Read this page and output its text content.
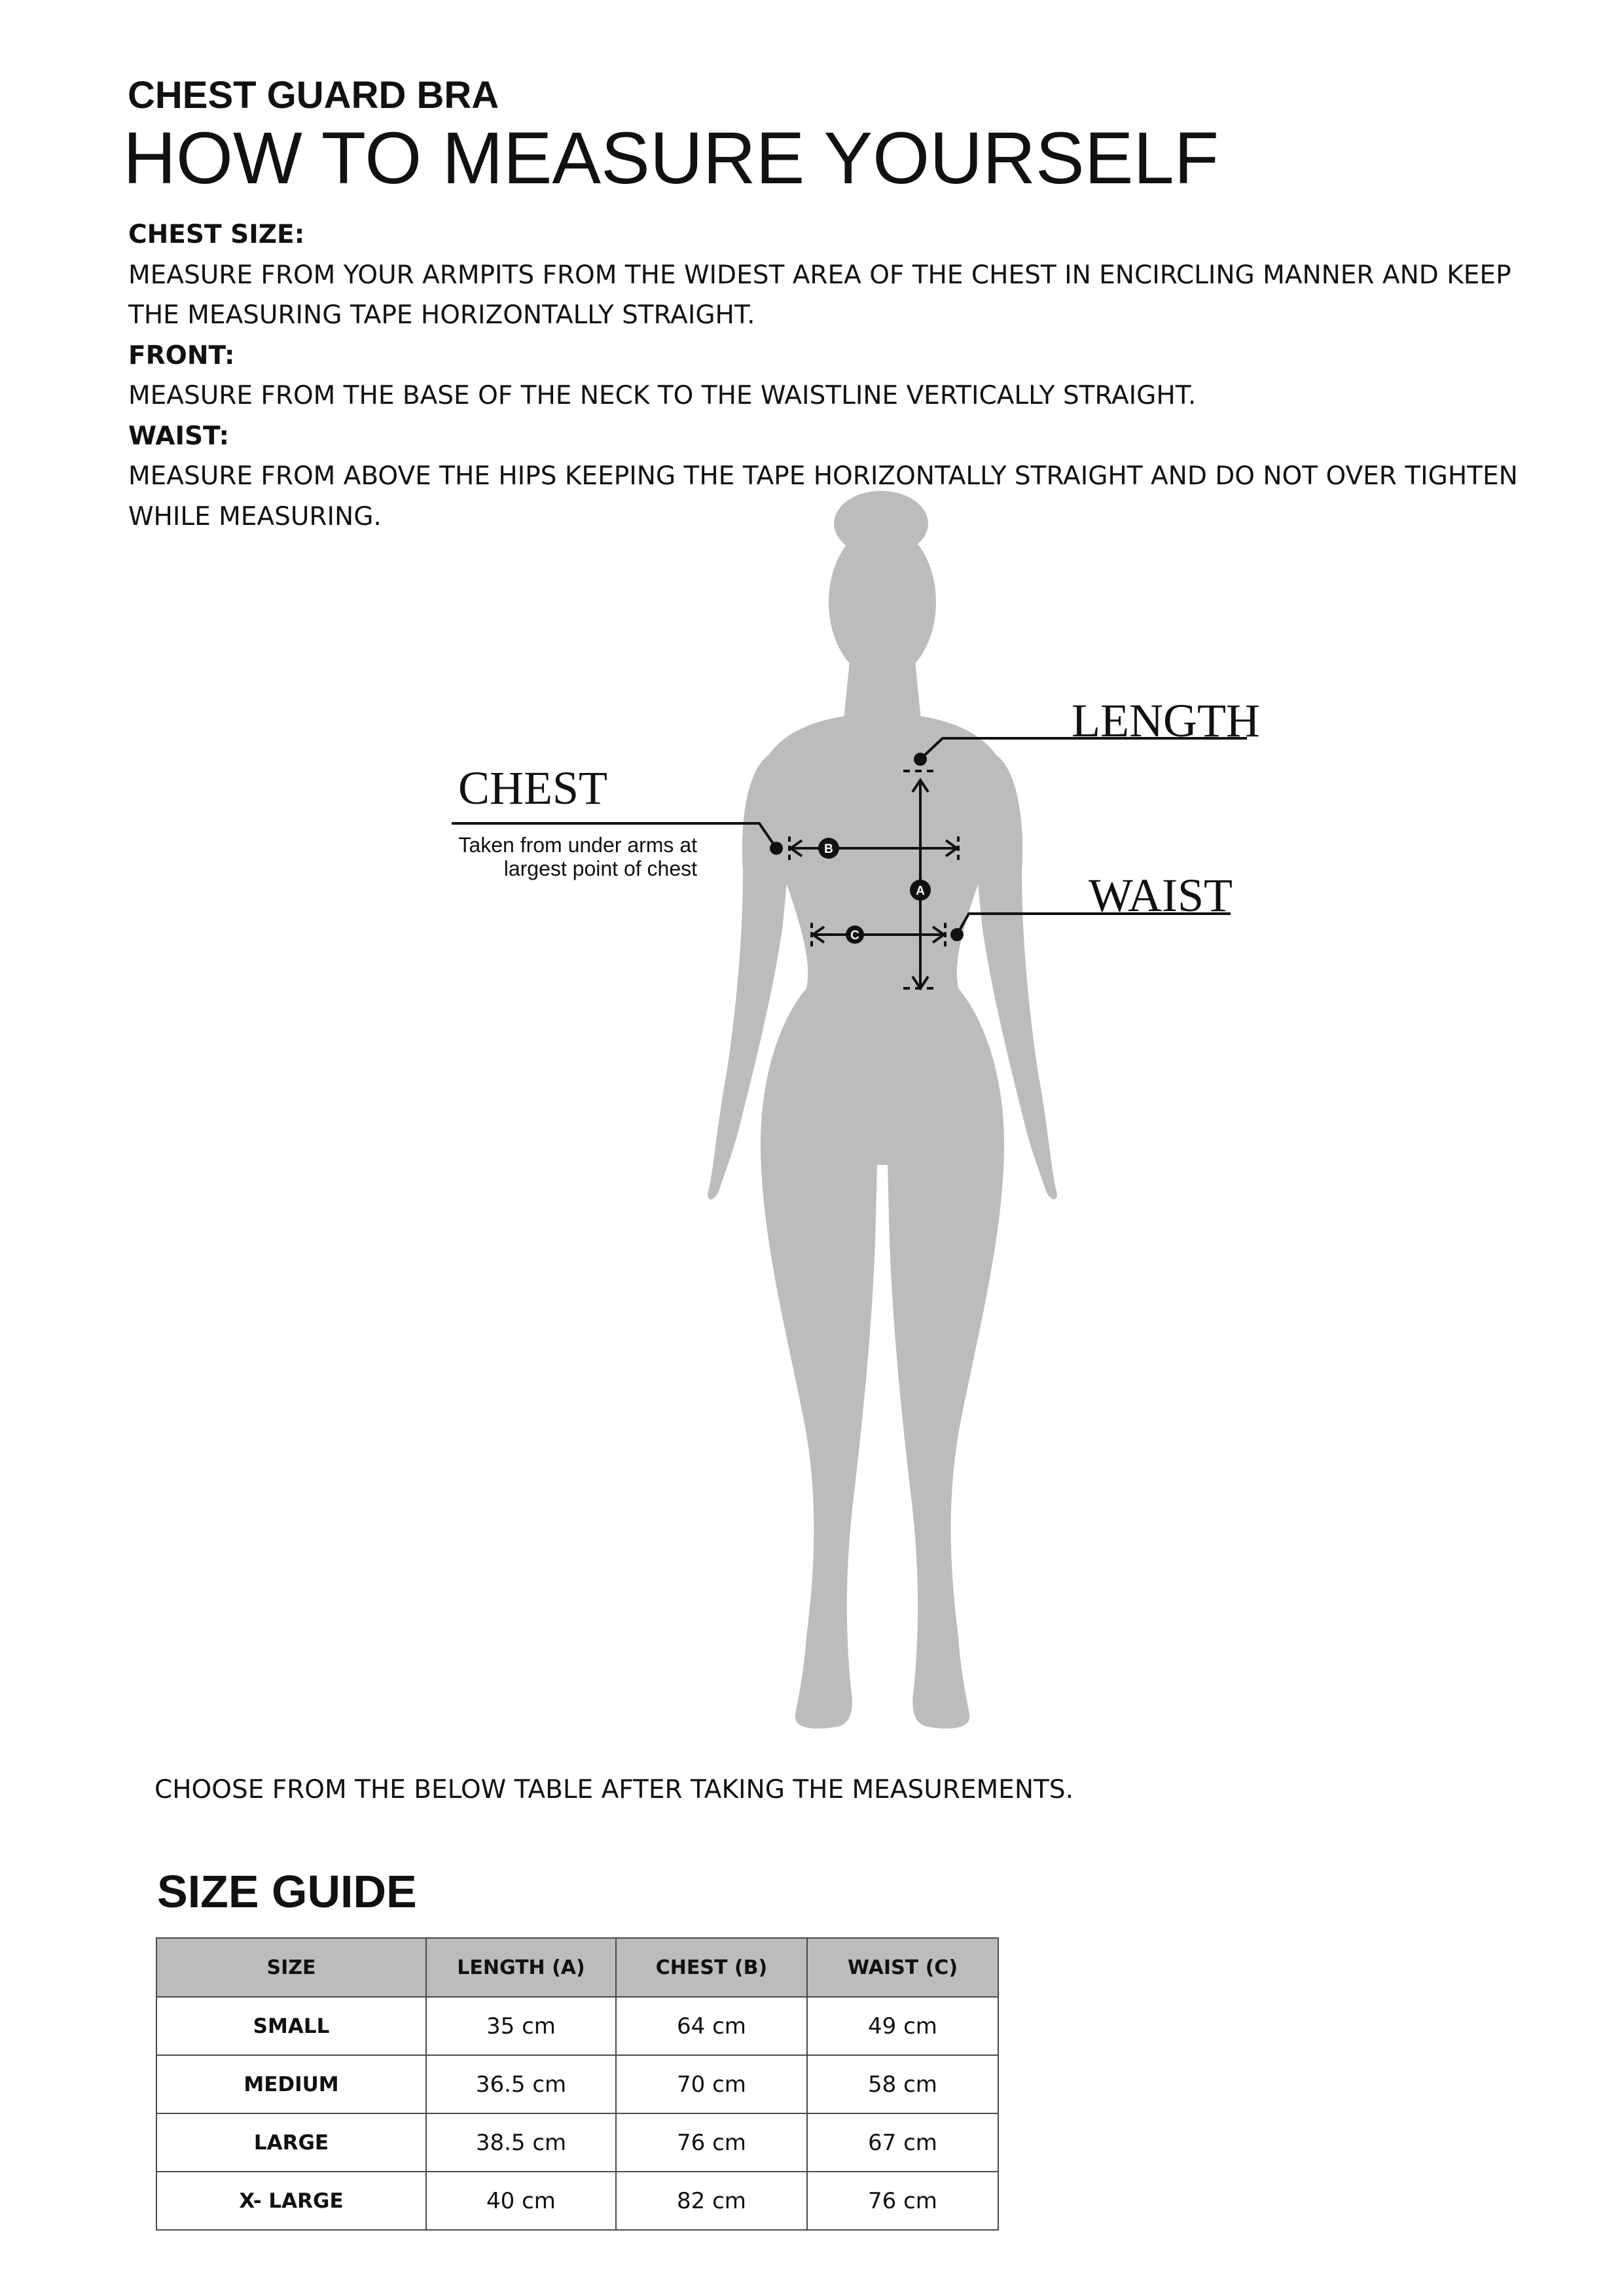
CHEST GUARD BRA
HOW TO MEASURE YOURSELF
CHEST SIZE:
MEASURE FROM YOUR ARMPITS FROM THE WIDEST AREA OF THE CHEST IN ENCIRCLING MANNER AND KEEP THE MEASURING TAPE HORIZONTALLY STRAIGHT.
FRONT:
MEASURE FROM THE BASE OF THE NECK TO THE WAISTLINE VERTICALLY STRAIGHT.
WAIST:
MEASURE FROM ABOVE THE HIPS KEEPING THE TAPE HORIZONTALLY STRAIGHT AND DO NOT OVER TIGHTEN WHILE MEASURING.
A
B
C
LENGTH
CHEST
Taken from under arms at
largest point of chest
WAIST
CHOOSE FROM THE BELOW TABLE AFTER TAKING THE MEASUREMENTS.
SIZE GUIDE
SIZE	LENGTH (A)	CHEST (B)	WAIST (C)
SMALL	35 cm	64 cm	49 cm
MEDIUM	36.5 cm	70 cm	58 cm
LARGE	38.5 cm	76 cm	67 cm
X- LARGE	40 cm	82 cm	76 cm
